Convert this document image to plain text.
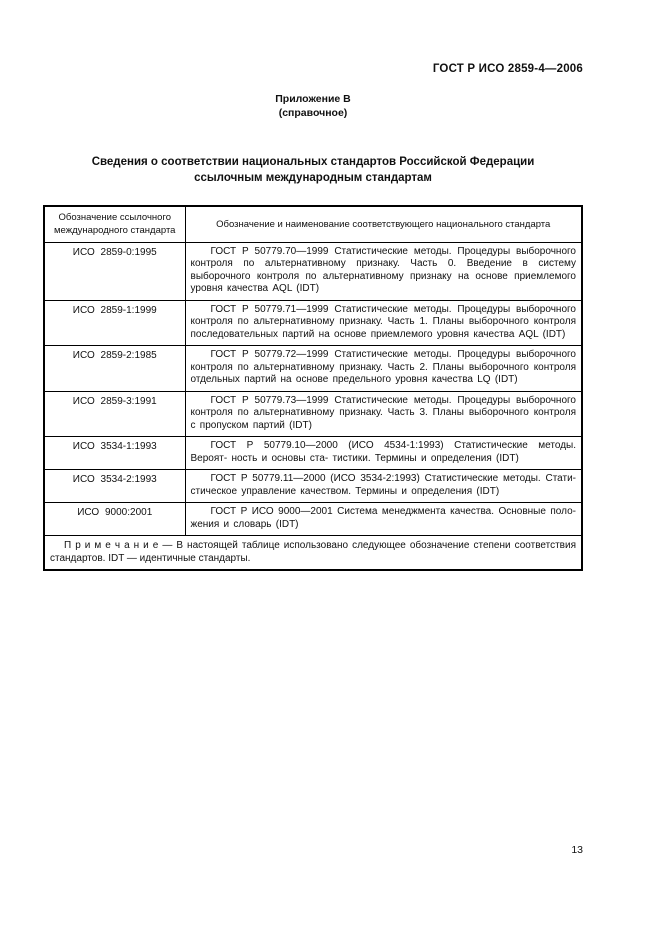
ГОСТ Р ИСО 2859-4—2006
Приложение В
(справочное)
Сведения о соответствии национальных стандартов Российской Федерации
ссылочным международным стандартам
Обозначение ссылочного международного стандарта	Обозначение и наименование соответствующего национального стандарта
ИСО 2859-0:1995	ГОСТ Р 50779.70—1999 Статистические методы. Процедуры выборочного контроля по альтернативному признаку. Часть 0. Введение в систему выборочного контроля по альтернативному признаку на основе приемлемого уровня качества AQL (IDT)
ИСО 2859-1:1999	ГОСТ Р 50779.71—1999 Статистические методы. Процедуры выборочного контроля по альтернативному признаку. Часть 1. Планы выборочного контроля последовательных партий на основе приемлемого уровня качества AQL (IDT)
ИСО 2859-2:1985	ГОСТ Р 50779.72—1999 Статистические методы. Процедуры выборочного контроля по альтернативному признаку. Часть 2. Планы выборочного контроля отдельных партий на основе предельного уровня качества LQ (IDT)
ИСО 2859-3:1991	ГОСТ Р 50779.73—1999 Статистические методы. Процедуры выборочного контроля по альтернативному признаку. Часть 3. Планы выборочного контроля с пропуском партий (IDT)
ИСО 3534-1:1993	ГОСТ Р 50779.10—2000 (ИСО 4534-1:1993) Статистические методы. Вероят- ность и основы ста- тистики. Термины и определения (IDT)
ИСО 3534-2:1993	ГОСТ Р 50779.11—2000 (ИСО 3534-2:1993) Статистические методы. Стати- стическое управление качеством. Термины и определения (IDT)
ИСО 9000:2001	ГОСТ Р ИСО 9000—2001 Система менеджмента качества. Основные поло- жения и словарь (IDT)
П р и м е ч а н и е — В настоящей таблице использовано следующее обозначение степени соответствия стандартов. IDT — идентичные стандарты.	
13
